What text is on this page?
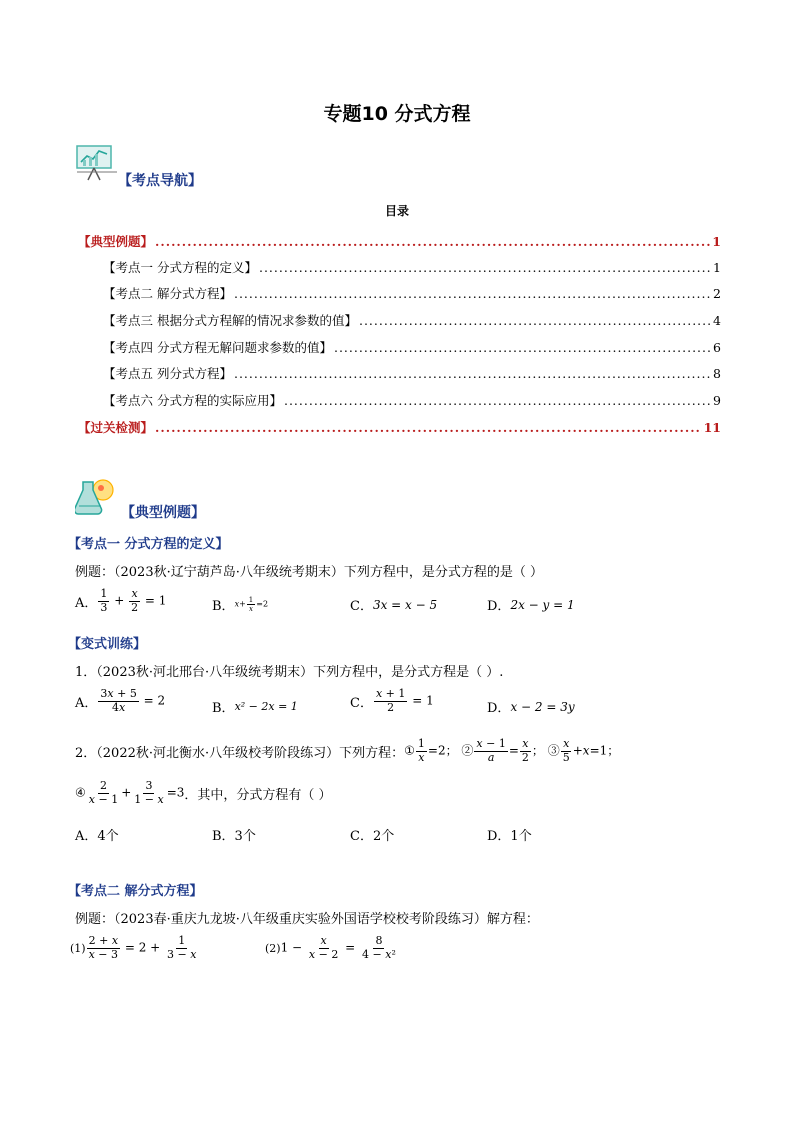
专题10 分式方程
【考点导航】
目录
【典型例题】 .....	1
【考点一 分式方程的定义】 .....	1
【考点二 解分式方程】 .....	2
【考点三 根据分式方程解的情况求参数的值】 .....	4
【考点四 分式方程无解问题求参数的值】 .....	6
【考点五 列分式方程】 .....	8
【考点六 分式方程的实际应用】 .....	9
【过关检测】 .....	11
【典型例题】
【考点一 分式方程的定义】
例题：（2023秋·辽宁葫芦岛·八年级统考期末）下列方程中，是分式方程的是（ ）
A． $\frac{1}{3} + \frac{x}{2} = 1$	B． $x+ \frac{1}{x} =2$	C． 3x = x − 5	D． 2x − y = 1
【变式训练】
1．（2023秋·河北邢台·八年级统考期末）下列方程中，是分式方程是（ ）.
A． $\frac{3x + 5}{4x} = 2$
B． x² − 2x = 1	C． $\frac{x + 1}{2} = 1$
D． x − 2 = 3y
2．（2022秋·河北衡水·八年级校考阶段练习）下列方程： ① $\frac{1}{x} =2$； ② $\frac{x - 1}{a} = \frac{x}{2}$ ； ③ $\frac{x}{5} +x=1$；
④ $\frac{2}{x - 1} + \frac{3}{1 - x} =3$ ．其中，分式方程有（ ）
A．4个	B．3个	C．2个	D．1个
【考点二 解分式方程】
例题：（2023春·重庆九龙坡·八年级重庆实验外国语学校校考阶段练习）解方程：
$(1) \frac{2 + x}{x - 3} = 2 + \frac{1}{3 - x}$	(2) $1 - \frac{x}{x - 2} = \frac{8}{\text{4 − x²}}$
